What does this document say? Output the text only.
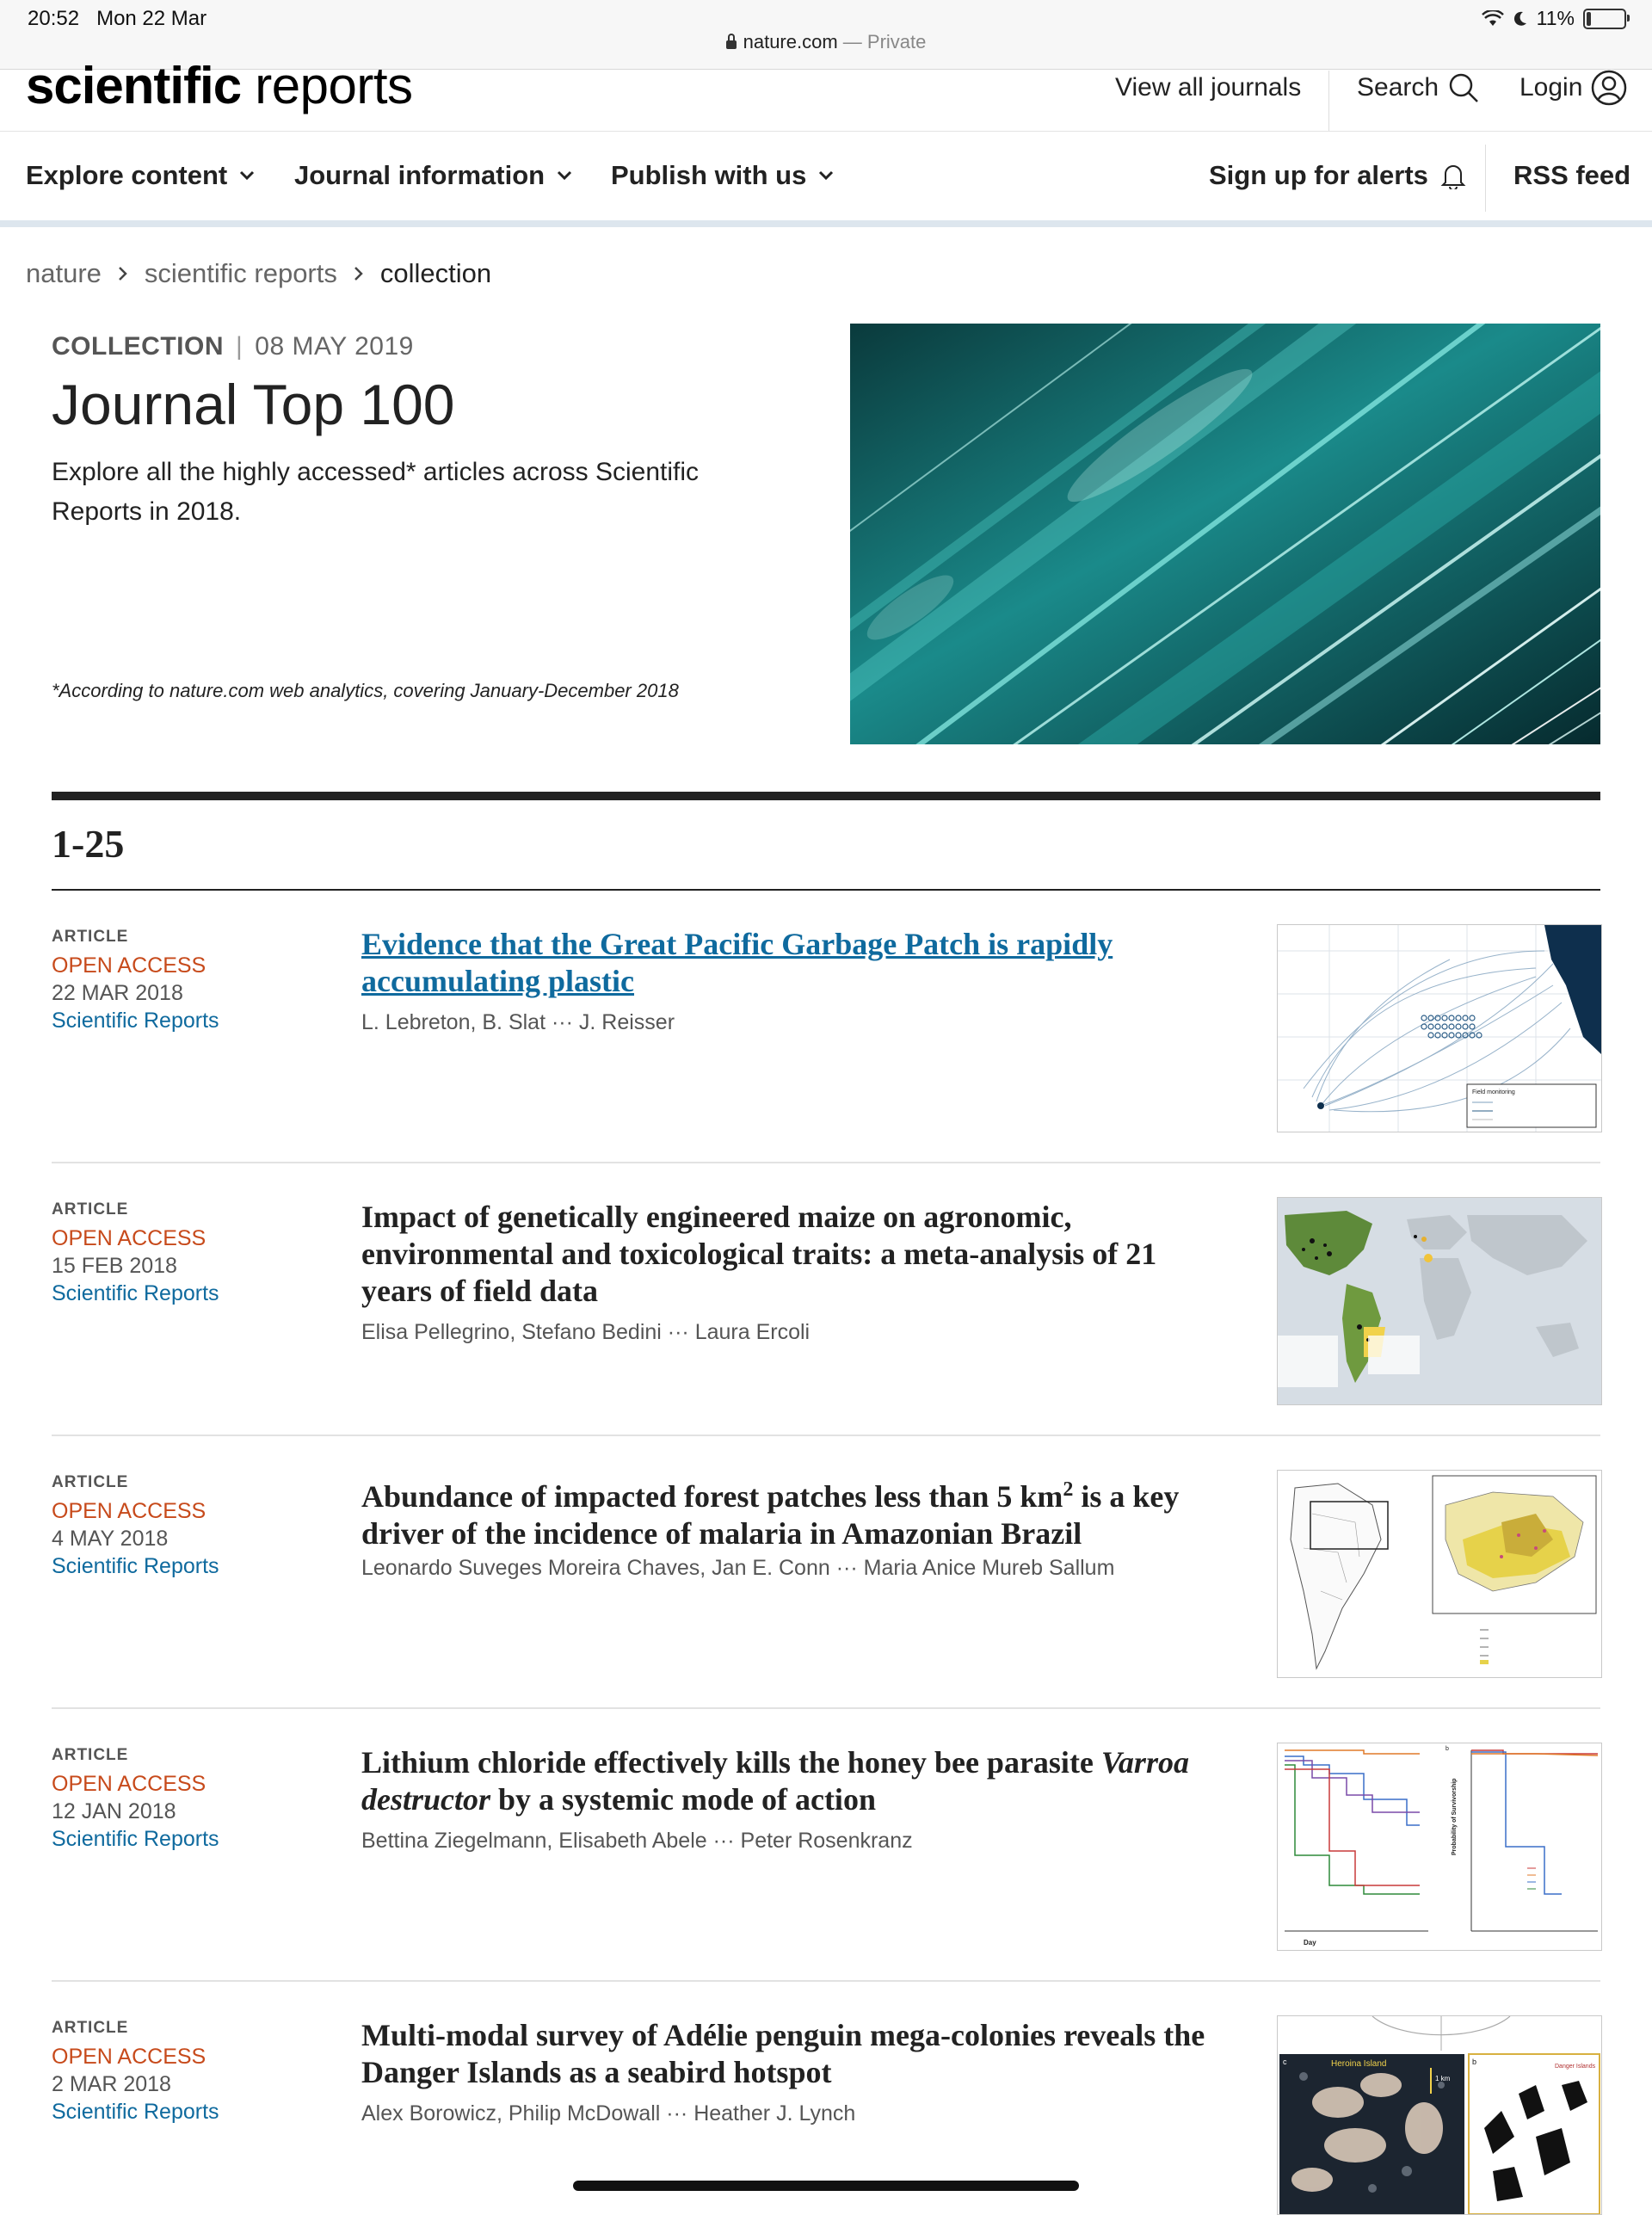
20:52 Mon 22 Mar
nature.com — Private
11%
scientific reports	View all journals Search	Login
Explore content	Journal information Publish with us	Sign up for alerts	RSS feed
nature scientific reports collection
COLLECTION | 08 MAY 2019
Journal Top 100
Explore all the highly accessed* articles across Scientific Reports in 2018.
*According to nature.com web analytics, covering January-December 2018
1-25
ARTICLE
OPEN ACCESS
22 MAR 2018
Scientific Reports
Evidence that the Great Pacific Garbage Patch is rapidly
accumulating plastic
L. Lebreton, B. Slat ··· J. Reisser
Field monitoring
ARTICLE
OPEN ACCESS
15 FEB 2018
Scientific Reports
Impact of genetically engineered maize on agronomic,
environmental and toxicological traits: a meta-analysis of 21
years of field data
Elisa Pellegrino, Stefano Bedini ··· Laura Ercoli
ARTICLE
OPEN ACCESS
4 MAY 2018
Scientific Reports
Abundance of impacted forest patches less than 5 $km^2$ is a key
driver of the incidence of malaria in Amazonian Brazil
Leonardo Suveges Moreira Chaves, Jan E. Conn ··· Maria Anice Mureb Sallum
ARTICLE
OPEN ACCESS
12 JAN 2018
Scientific Reports
Lithium chloride effectively kills the honey bee parasite Varroa
destructor by a systemic mode of action
Bettina Ziegelmann, Elisabeth Abele ··· Peter Rosenkranz
b
Day
Probability of Survivorship
ARTICLE
OPEN ACCESS
2 MAR 2018
Scientific Reports
Multi-modal survey of Adélie penguin mega-colonies reveals the
Danger Islands as a seabird hotspot
Alex Borowicz, Philip McDowall ··· Heather J. Lynch
c	Heroina Island
1 km
b
Danger Islands
